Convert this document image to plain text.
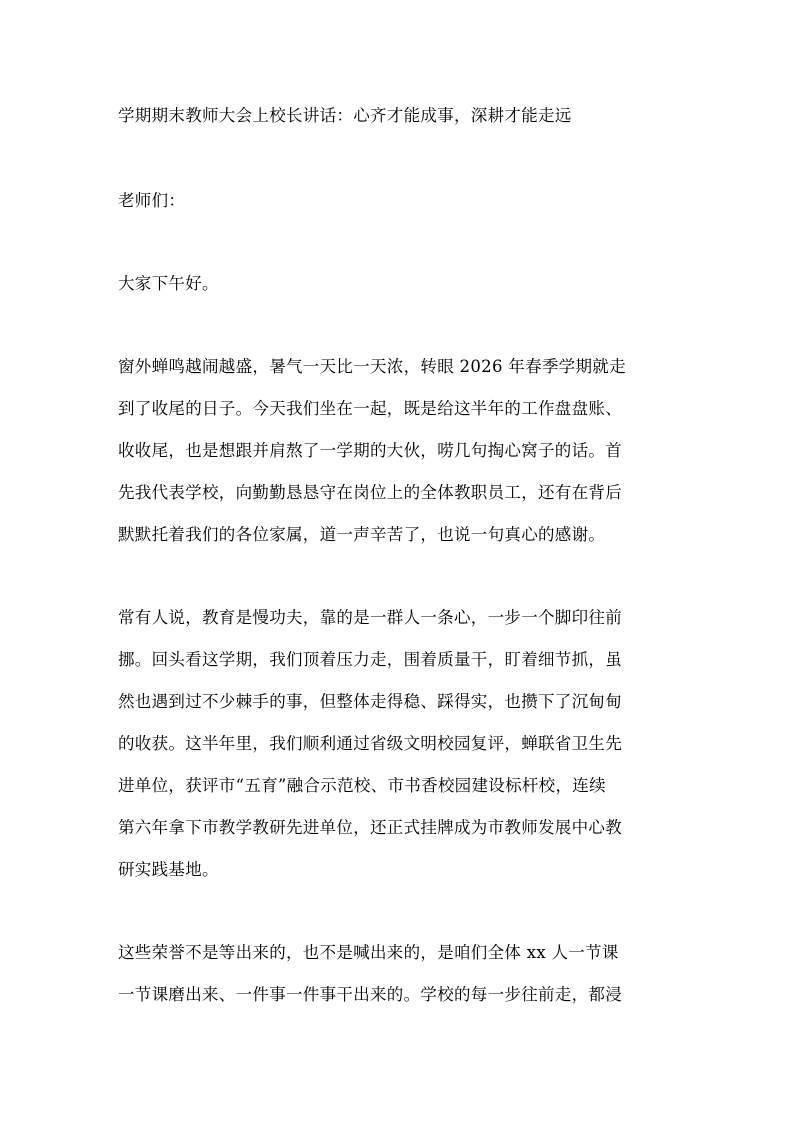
学期期末教师大会上校长讲话：心齐才能成事，深耕才能走远
老师们：
大家下午好。
窗外蝉鸣越闹越盛，暑气一天比一天浓，转眼 2026 年春季学期就走
到了收尾的日子。今天我们坐在一起，既是给这半年的工作盘盘账、
收收尾，也是想跟并肩熬了一学期的大伙，唠几句掏心窝子的话。首
先我代表学校，向勤勤恳恳守在岗位上的全体教职员工，还有在背后
默默托着我们的各位家属，道一声辛苦了，也说一句真心的感谢。
常有人说，教育是慢功夫，靠的是一群人一条心，一步一个脚印往前
挪。回头看这学期，我们顶着压力走，围着质量干，盯着细节抓，虽
然也遇到过不少棘手的事，但整体走得稳、踩得实，也攒下了沉甸甸
的收获。这半年里，我们顺利通过省级文明校园复评，蝉联省卫生先
进单位，获评市“五育”融合示范校、市书香校园建设标杆校，连续
第六年拿下市教学教研先进单位，还正式挂牌成为市教师发展中心教
研实践基地。
这些荣誉不是等出来的，也不是喊出来的，是咱们全体 xx 人一节课
一节课磨出来、一件事一件事干出来的。学校的每一步往前走，都浸
